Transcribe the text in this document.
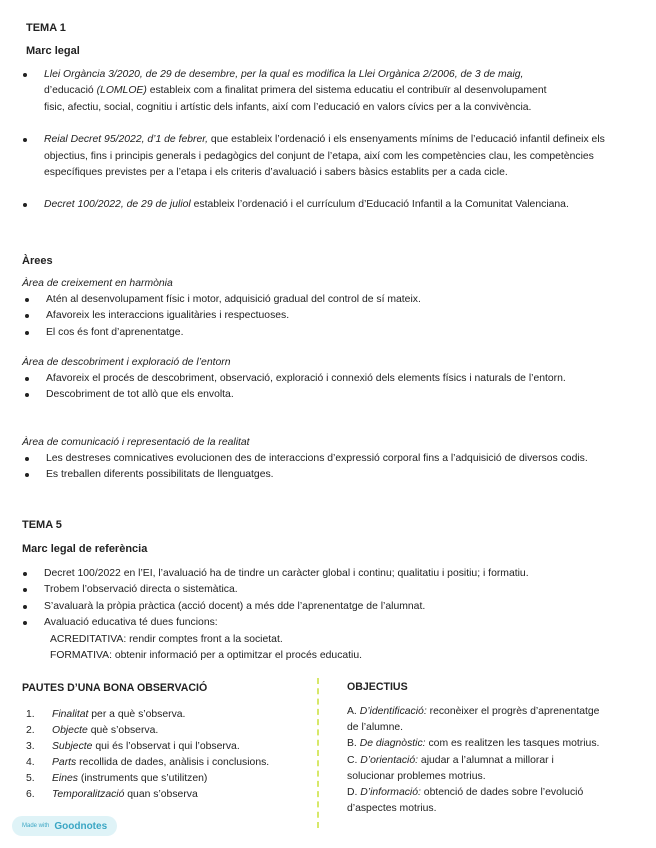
TEMA 1
Marc legal
Llei Orgància 3/2020, de 29 de desembre, per la qual es modifica la Llei Orgànica 2/2006, de 3 de maig,
d’educació (LOMLOE) estableix com a finalitat primera del sistema educatiu el contribuïr al desenvolupament
fisic, afectiu, social, cognitiu i artístic dels infants, així com l’educació en valors cívics per a la convivència.
Reial Decret 95/2022, d’1 de febrer, que estableix l’ordenació i els ensenyaments mínims de l’educació infantil defineix els objectius, fins i principis generals i pedagògics del conjunt de l’etapa, així com les competències clau, les competències específiques previstes per a l’etapa i els criteris d’avaluació i sabers bàsics establits per a cada cicle.
Decret 100/2022, de 29 de juliol estableix l’ordenació i el currículum d’Educació Infantil a la Comunitat Valenciana.
Àrees
Àrea de creixement en harmònia
Atén al desenvolupament físic i motor, adquisició gradual del control de sí mateix.
Afavoreix les interaccions igualitàries i respectuoses.
El cos és font d’aprenentatge.
Àrea de descobriment i exploració de l’entorn
Afavoreix el procés de descobriment, observació, exploració i connexió dels elements físics i naturals de l’entorn.
Descobriment de tot allò que els envolta.
Àrea de comunicació i representació de la realitat
Les destreses comnicatives evolucionen des de interaccions d’expressió corporal fins a l’adquisició de diversos codis.
Es treballen diferents possibilitats de llenguatges.
TEMA 5
Marc legal de referència
Decret 100/2022 en l’EI, l’avaluació ha de tindre un caràcter global i continu; qualitatiu i positiu; i formatiu.
Trobem l’observació directa o sistemàtica.
S’avaluarà la pròpia pràctica (acció docent) a més dde l’aprenentatge de l’alumnat.
Avaluació educativa té dues funcions:
ACREDITATIVA: rendir comptes front a la societat.
FORMATIVA: obtenir informació per a optimitzar el procés educatiu.
PAUTES D’UNA BONA OBSERVACIÓ
1. Finalitat per a què s’observa.
2. Objecte què s’observa.
3. Subjecte qui és l’observat i qui l’observa.
4. Parts recollida de dades, anàlisis i conclusions.
5. Eines (instruments que s’utilitzen)
6. Temporalització quan s’observa
OBJECTIUS
A. D’identificació: reconèixer el progrès d’aprenentatge
de l’alumne.
B. De diagnòstic: com es realitzen les tasques motrius.
C. D’orientació: ajudar a l’alumnat a millorar i
solucionar problemes motrius.
D. D’informació: obtenció de dades sobre l’evolució
d’aspectes motrius.
Made with Goodnotes
